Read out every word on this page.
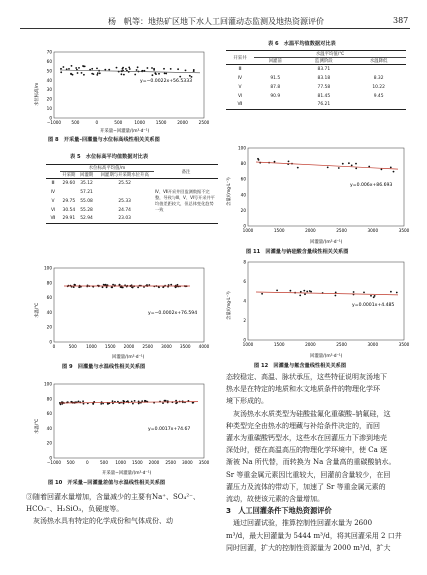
杨　帆等：地热矿区地下水人工回灌动态监测及地热资源评价	387
70
60
50
40
30
20
10
0
−1000 500	0	500	1000	1500	2000	2500
y=−0.0022x+56.5333
水位标高/m
开采量−回灌量/(m³·d⁻¹)
图 8　开采量–回灌量与水位标高线性相关关系图
表 5　水位标高平均值数据对比表
	水位标高平均值/m			备注
	开采期	回灌期	回灌期与开采期水位升高	
Ⅲ	29.60	35.12	25.52	Ⅳ、Ⅶ开采井回监测数据不完整，导致与Ⅲ、Ⅴ、Ⅵ号开采井平均值差距较大，但总体变化趋势一致
Ⅳ		57.21		
Ⅴ	29.75	55.08	25.33	
Ⅵ	30.54	55.28	24.74	
Ⅶ	29.91	52.94	23.03	
100
80
60
40
20
0
0	500 1000 1500 2000 2500 3000 3500 4000
y=−0.0002x+76.594
水温/℃
回灌量/(m³·d⁻¹)
图 9　回灌量与水温线性相关关系图
100
80
60
40
20
0
−1000 500	0	500 1000 1500 2000 2500 3000 3500
y=0.0017x+74.67
水温/℃
开采量−回灌量/(m³·d⁻¹)
图 10　开采量−回灌量差值与水温线性相关关系图
③随着回灌水量增加，含量减少的主要有Na⁺、SO₄²⁻、
HCO₃⁻、H₂SiO₃，负硬度等。
　灰汤热水具有特定的化学成份和气体成份、动
表 6　水温平均值数据对比表
开采井	水温平均值/℃		
	回灌前	监测阶段	水温降低
Ⅲ		83.71	
Ⅳ	91.5	83.18	8.32
Ⅴ	87.8	77.58	10.22
Ⅵ	90.9	81.45	9.45
Ⅶ		76.21	
100
80
60
40
20
0
1000	1500	2000	2500	3000	3500
y=0.006x+86.693
含量/(mg·L⁻¹)
回灌量/(m³·d⁻¹)
图 11　回灌量与钠硅酸含量线性相关关系图
8
6
4
2
0
1000	1500	2000	2500	3000	3500
y=0.0001x+4.485
含量/(mg·L⁻¹)
回灌量/(m³·d⁻¹)
图 12　回灌量与氟含量线性相关关系图
态较稳定、高温、脉状承压，这些特征说明灰汤地下
热水是在特定的地质和水文地质条件的物理化学环
境下形成的。
　灰汤热水水质类型为硅酸盐氟化重碳酸–钠氟硅，这
种类型完全由热水的埋藏与补给条件决定的，而回
灌水为重碳酸钙型水，这些水在回灌压力下渗到地壳
深处时，便在高温高压的物理化学环境中，使 Ca 逐
渐被 Na 所代替，而转换为 Na 含量高的重碳酸钠水。
Sr 等重金属元素因比重较大，回灌前含量较少，在回
灌压力及流体的带动下，加速了 Sr 等重金属元素的
流动，故使该元素的含量增加。
3　人工回灌条件下地热资源评价
　通过回灌试验，推算控制性回灌水量为 2600
m³/d，最大回灌量为 5444 m³/d，将其回灌采用 2 口井
同时回灌，扩大的控制性资源量为 2000 m³/d，扩大
